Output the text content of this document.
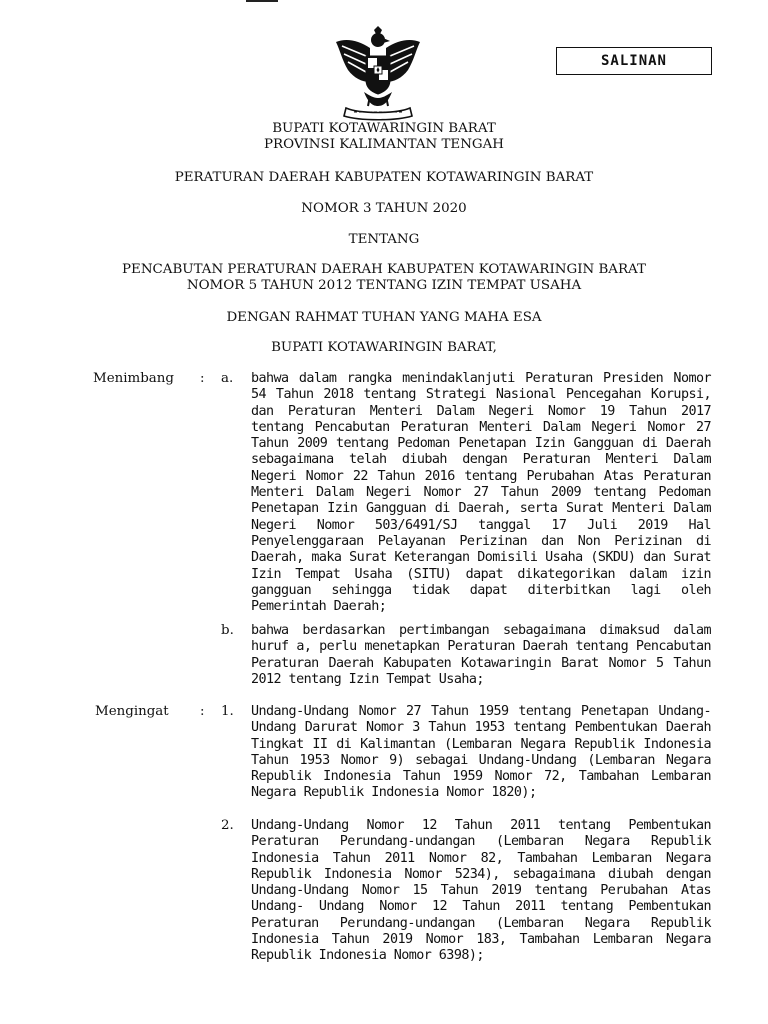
SALINAN
BUPATI KOTAWARINGIN BARAT
PROVINSI KALIMANTAN TENGAH
PERATURAN DAERAH KABUPATEN KOTAWARINGIN BARAT
NOMOR 3 TAHUN 2020
TENTANG
PENCABUTAN PERATURAN DAERAH KABUPATEN KOTAWARINGIN BARAT
NOMOR 5 TAHUN 2012 TENTANG IZIN TEMPAT USAHA
DENGAN RAHMAT TUHAN YANG MAHA ESA
BUPATI KOTAWARINGIN BARAT,
Menimbang : a. bahwa dalam rangka menindaklanjuti Peraturan Presiden Nomor 54 Tahun 2018 tentang Strategi Nasional Pencegahan Korupsi, dan Peraturan Menteri Dalam Negeri Nomor 19 Tahun 2017 tentang Pencabutan Peraturan Menteri Dalam Negeri Nomor 27 Tahun 2009 tentang Pedoman Penetapan Izin Gangguan di Daerah sebagaimana telah diubah dengan Peraturan Menteri Dalam Negeri Nomor 22 Tahun 2016 tentang Perubahan Atas Peraturan Menteri Dalam Negeri Nomor 27 Tahun 2009 tentang Pedoman Penetapan Izin Gangguan di Daerah, serta Surat Menteri Dalam Negeri Nomor 503/6491/SJ tanggal 17 Juli 2019 Hal Penyelenggaraan Pelayanan Perizinan dan Non Perizinan di Daerah, maka Surat Keterangan Domisili Usaha (SKDU) dan Surat Izin Tempat Usaha (SITU) dapat dikategorikan dalam izin gangguan sehingga tidak dapat diterbitkan lagi oleh Pemerintah Daerah;

b. bahwa berdasarkan pertimbangan sebagaimana dimaksud dalam huruf a, perlu menetapkan Peraturan Daerah tentang Pencabutan Peraturan Daerah Kabupaten Kotawaringin Barat Nomor 5 Tahun 2012 tentang Izin Tempat Usaha;

Mengingat : 1. Undang-Undang Nomor 27 Tahun 1959 tentang Penetapan Undang-Undang Darurat Nomor 3 Tahun 1953 tentang Pembentukan Daerah Tingkat II di Kalimantan (Lembaran Negara Republik Indonesia Tahun 1953 Nomor 9) sebagai Undang-Undang (Lembaran Negara Republik Indonesia Tahun 1959 Nomor 72, Tambahan Lembaran Negara Republik Indonesia Nomor 1820);

2. Undang-Undang Nomor 12 Tahun 2011 tentang Pembentukan Peraturan Perundang-undangan (Lembaran Negara Republik Indonesia Tahun 2011 Nomor 82, Tambahan Lembaran Negara Republik Indonesia Nomor 5234), sebagaimana diubah dengan Undang-Undang Nomor 15 Tahun 2019 tentang Perubahan Atas Undang- Undang Nomor 12 Tahun 2011 tentang Pembentukan Peraturan Perundang-undangan (Lembaran Negara Republik Indonesia Tahun 2019 Nomor 183, Tambahan Lembaran Negara Republik Indonesia Nomor 6398);
